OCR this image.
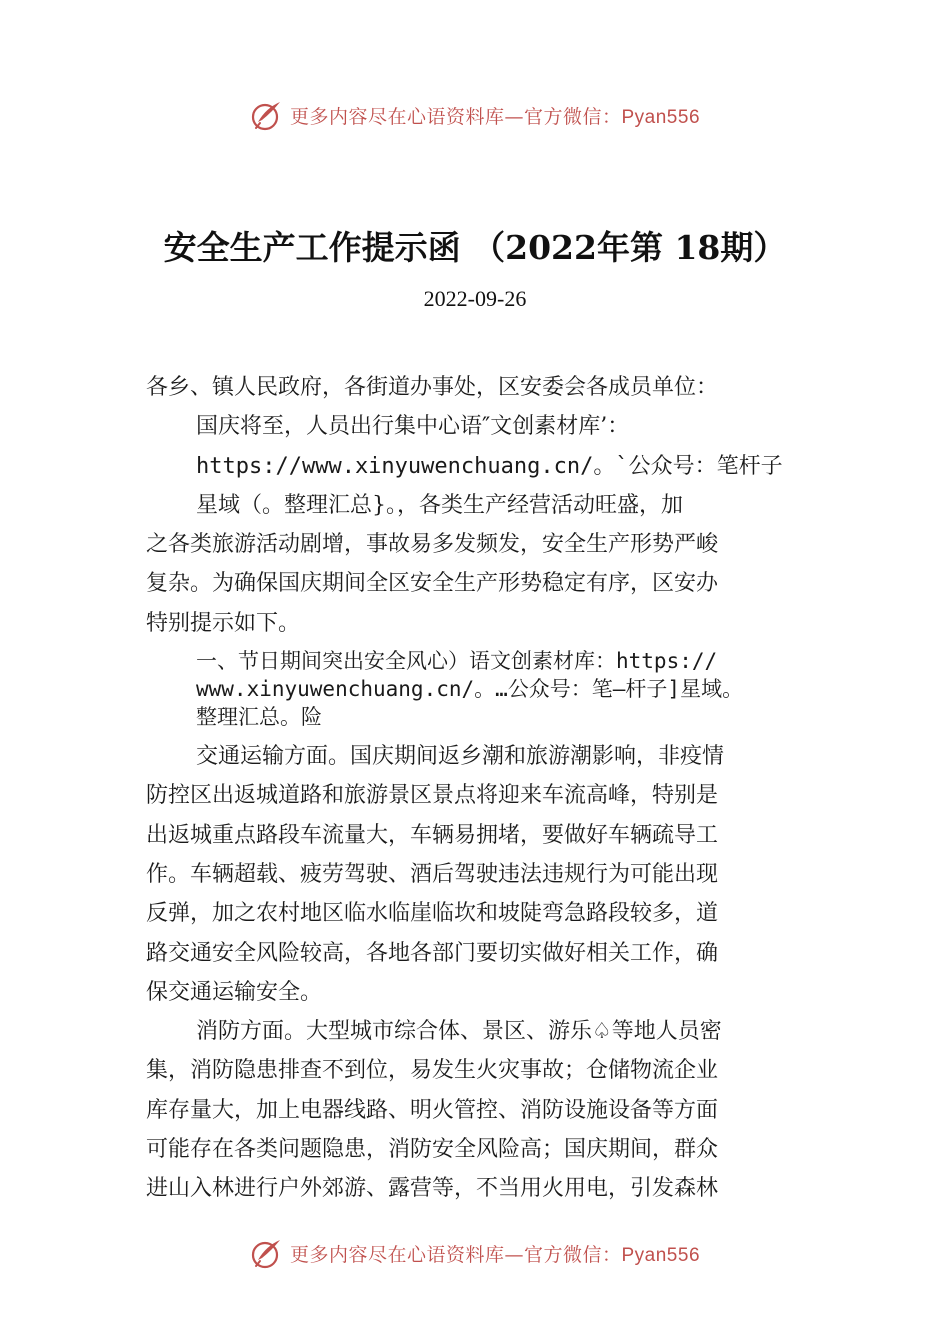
更多内容尽在心语资料库—官方微信：Pyan556
安全生产工作提示函 （2022年第 18期）
2022-09-26
各乡、镇人民政府，各街道办事处，区安委会各成员单位：
国庆将至，人员出行集中心语″文创素材库’：
https://www.xinyuwenchuang.cn/。`公众号：笔杆子
星域（。整理汇总}。，各类生产经营活动旺盛，加
之各类旅游活动剧增，事故易多发频发，安全生产形势严峻
复杂。为确保国庆期间全区安全生产形势稳定有序，区安办
特别提示如下。
一、节日期间突出安全风心）语文创素材库：https://
www.xinyuwenchuang.cn/。…公众号：笔—杆子]星域。
整理汇总。险
交通运输方面。国庆期间返乡潮和旅游潮影响，非疫情
防控区出返城道路和旅游景区景点将迎来车流高峰，特别是
出返城重点路段车流量大，车辆易拥堵，要做好车辆疏导工
作。车辆超载、疲劳驾驶、酒后驾驶违法违规行为可能出现
反弹，加之农村地区临水临崖临坎和坡陡弯急路段较多，道
路交通安全风险较高，各地各部门要切实做好相关工作，确
保交通运输安全。
消防方面。大型城市综合体、景区、游乐♤等地人员密
集，消防隐患排查不到位，易发生火灾事故；仓储物流企业
库存量大，加上电器线路、明火管控、消防设施设备等方面
可能存在各类问题隐患，消防安全风险高；国庆期间，群众
进山入林进行户外郊游、露营等，不当用火用电，引发森林
更多内容尽在心语资料库—官方微信：Pyan556
